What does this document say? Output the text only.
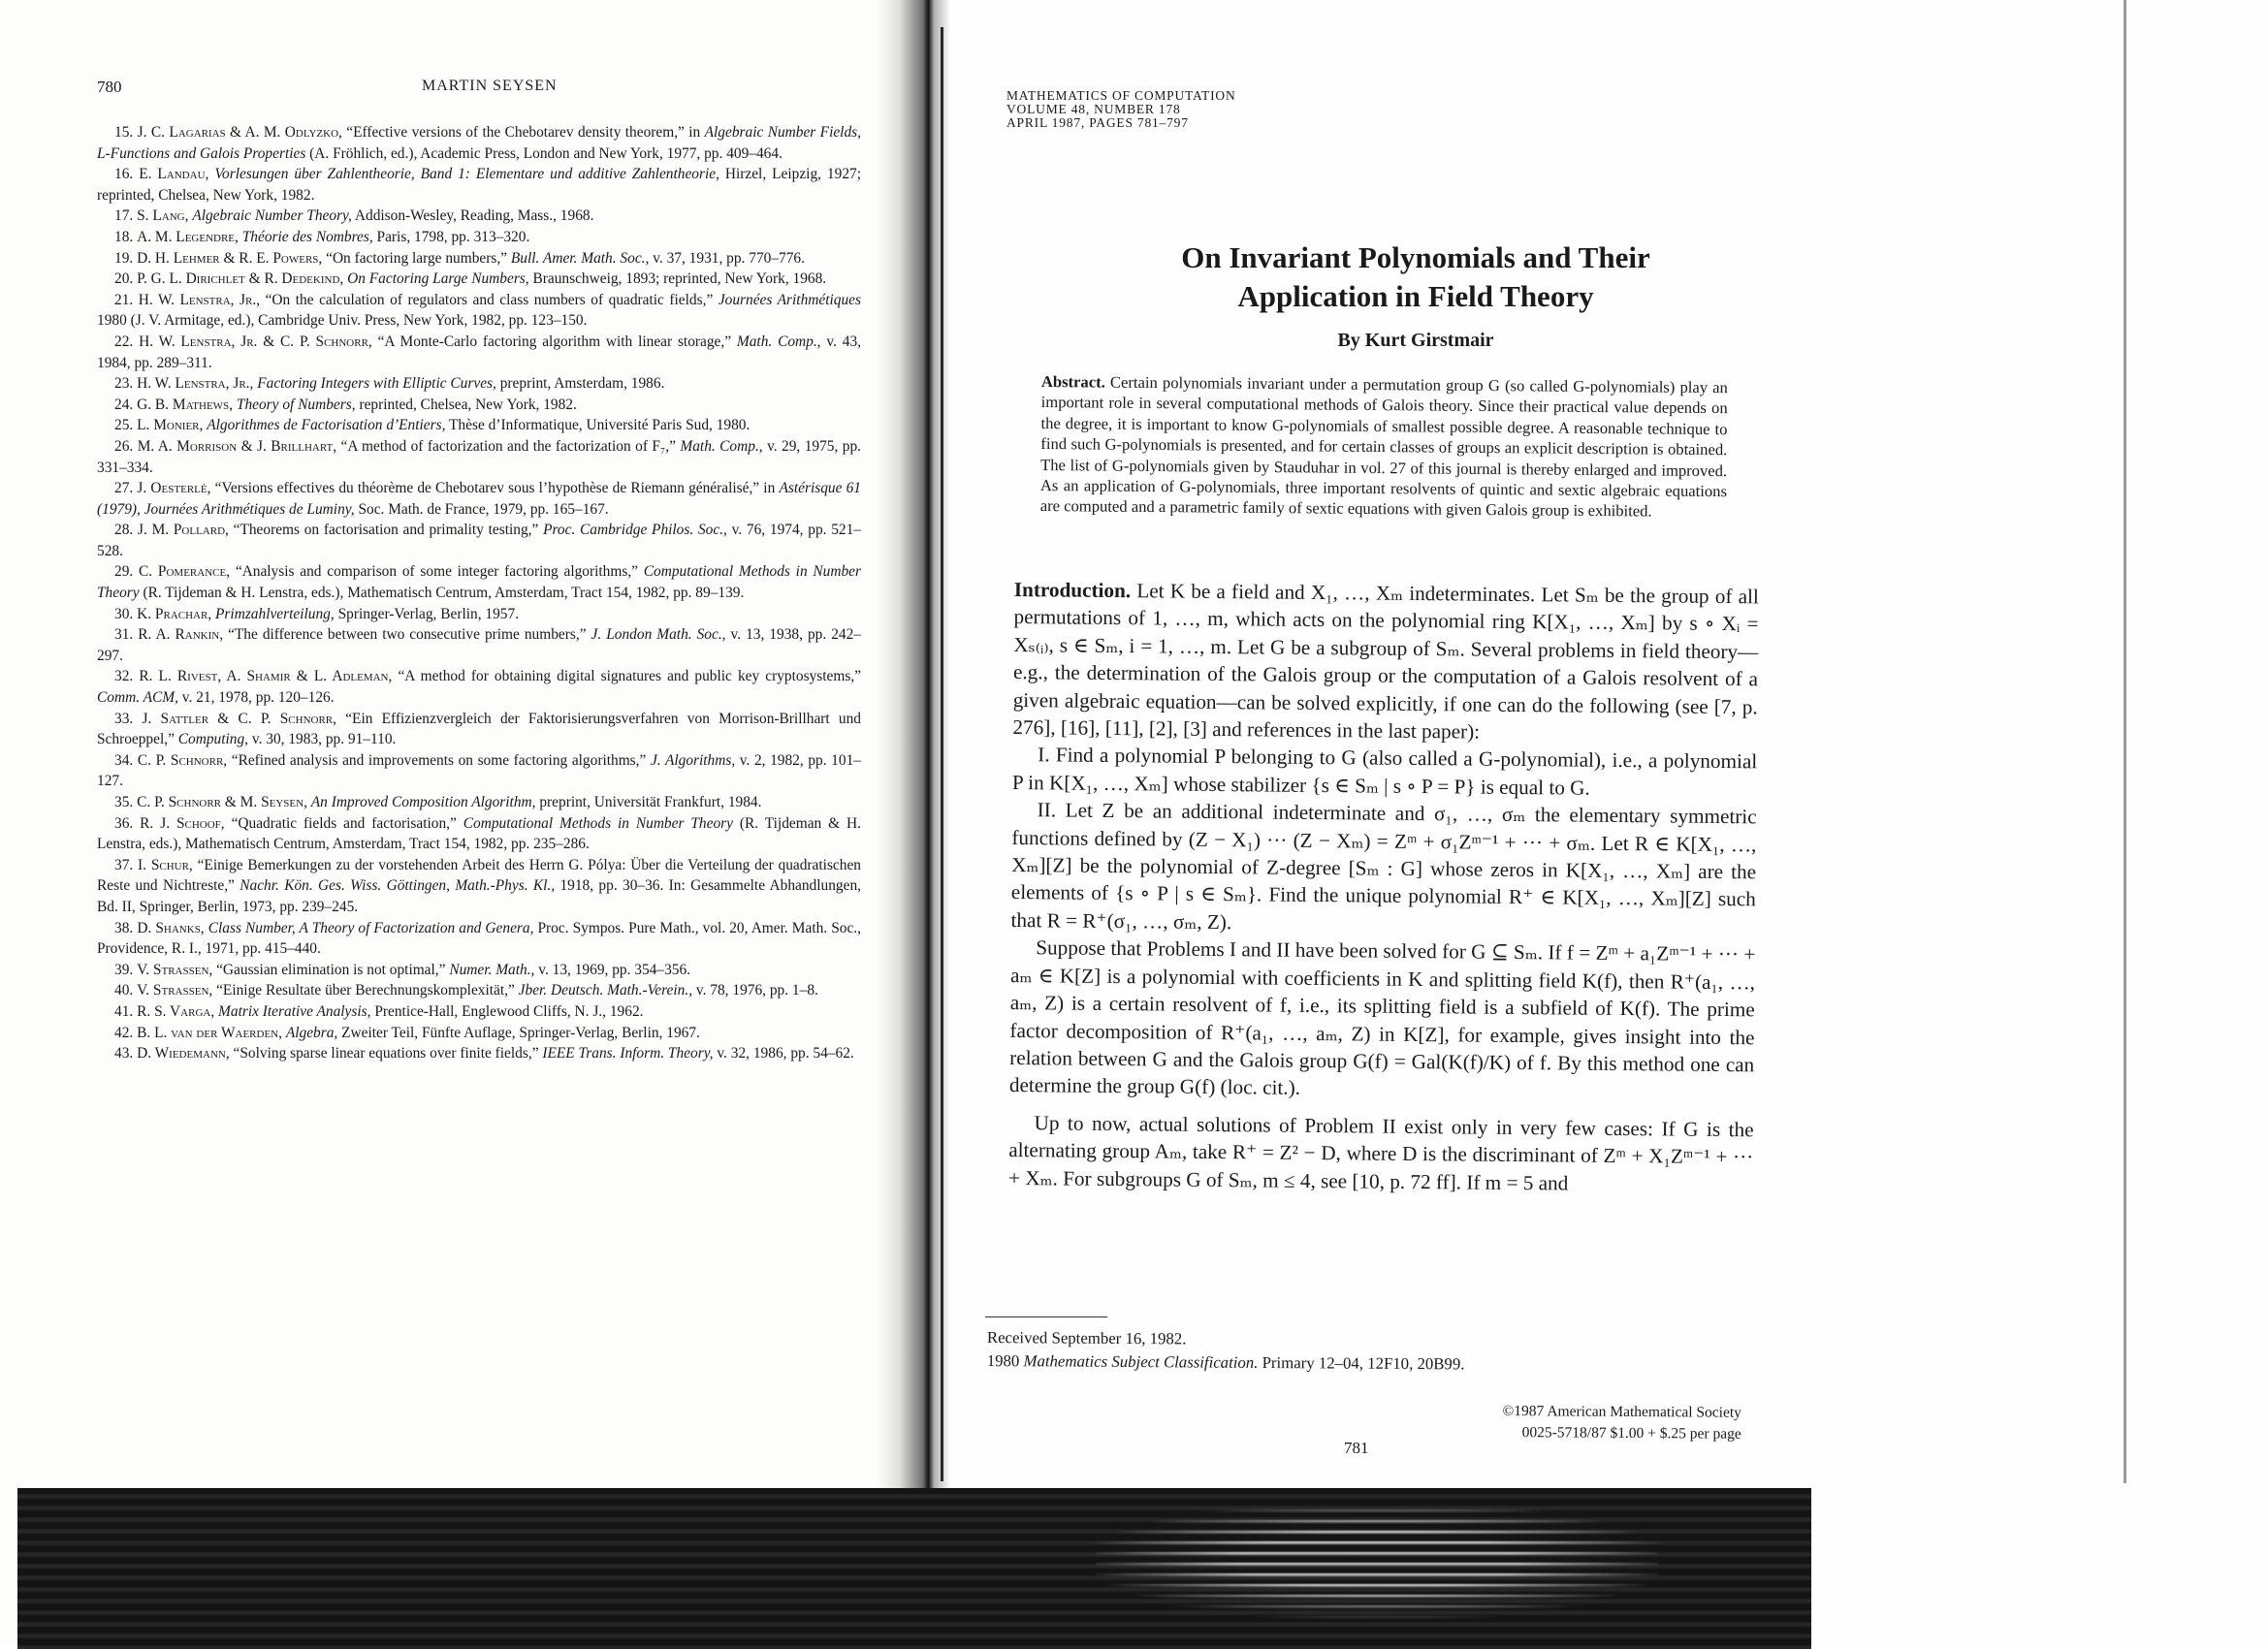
780	MARTIN SEYSEN

15. J. C. Lagarias & A. M. Odlyzko, “Effective versions of the Chebotarev density theorem,” in Algebraic Number Fields, L-Functions and Galois Properties (A. Fröhlich, ed.), Academic Press, London and New York, 1977, pp. 409–464.

16. E. Landau, Vorlesungen über Zahlentheorie, Band 1: Elementare und additive Zahlentheorie, Hirzel, Leipzig, 1927; reprinted, Chelsea, New York, 1982.

17. S. Lang, Algebraic Number Theory, Addison-Wesley, Reading, Mass., 1968.

18. A. M. Legendre, Théorie des Nombres, Paris, 1798, pp. 313–320.

19. D. H. Lehmer & R. E. Powers, “On factoring large numbers,” Bull. Amer. Math. Soc., v. 37, 1931, pp. 770–776.

20. P. G. L. Dirichlet & R. Dedekind, On Factoring Large Numbers, Braunschweig, 1893; reprinted, New York, 1968.

21. H. W. Lenstra, Jr., “On the calculation of regulators and class numbers of quadratic fields,” Journées Arithmétiques 1980 (J. V. Armitage, ed.), Cambridge Univ. Press, New York, 1982, pp. 123–150.

22. H. W. Lenstra, Jr. & C. P. Schnorr, “A Monte-Carlo factoring algorithm with linear storage,” Math. Comp., v. 43, 1984, pp. 289–311.

23. H. W. Lenstra, Jr., Factoring Integers with Elliptic Curves, preprint, Amsterdam, 1986.

24. G. B. Mathews, Theory of Numbers, reprinted, Chelsea, New York, 1982.

25. L. Monier, Algorithmes de Factorisation d’Entiers, Thèse d’Informatique, Université Paris Sud, 1980.

26. M. A. Morrison & J. Brillhart, “A method of factorization and the factorization of F₇,” Math. Comp., v. 29, 1975, pp. 331–334.

27. J. Oesterlé, “Versions effectives du théorème de Chebotarev sous l’hypothèse de Riemann généralisé,” in Astérisque 61 (1979), Journées Arithmétiques de Luminy, Soc. Math. de France, 1979, pp. 165–167.

28. J. M. Pollard, “Theorems on factorisation and primality testing,” Proc. Cambridge Philos. Soc., v. 76, 1974, pp. 521–528.

29. C. Pomerance, “Analysis and comparison of some integer factoring algorithms,” Computational Methods in Number Theory (R. Tijdeman & H. Lenstra, eds.), Mathematisch Centrum, Amsterdam, Tract 154, 1982, pp. 89–139.

30. K. Prachar, Primzahlverteilung, Springer-Verlag, Berlin, 1957.

31. R. A. Rankin, “The difference between two consecutive prime numbers,” J. London Math. Soc., v. 13, 1938, pp. 242–297.

32. R. L. Rivest, A. Shamir & L. Adleman, “A method for obtaining digital signatures and public key cryptosystems,” Comm. ACM, v. 21, 1978, pp. 120–126.

33. J. Sattler & C. P. Schnorr, “Ein Effizienzvergleich der Faktorisierungsverfahren von Morrison-Brillhart und Schroeppel,” Computing, v. 30, 1983, pp. 91–110.

34. C. P. Schnorr, “Refined analysis and improvements on some factoring algorithms,” J. Algorithms, v. 2, 1982, pp. 101–127.

35. C. P. Schnorr & M. Seysen, An Improved Composition Algorithm, preprint, Universität Frankfurt, 1984.

36. R. J. Schoof, “Quadratic fields and factorisation,” Computational Methods in Number Theory (R. Tijdeman & H. Lenstra, eds.), Mathematisch Centrum, Amsterdam, Tract 154, 1982, pp. 235–286.

37. I. Schur, “Einige Bemerkungen zu der vorstehenden Arbeit des Herrn G. Pólya: Über die Verteilung der quadratischen Reste und Nichtreste,” Nachr. Kön. Ges. Wiss. Göttingen, Math.-Phys. Kl., 1918, pp. 30–36. In: Gesammelte Abhandlungen, Bd. II, Springer, Berlin, 1973, pp. 239–245.

38. D. Shanks, Class Number, A Theory of Factorization and Genera, Proc. Sympos. Pure Math., vol. 20, Amer. Math. Soc., Providence, R. I., 1971, pp. 415–440.

39. V. Strassen, “Gaussian elimination is not optimal,” Numer. Math., v. 13, 1969, pp. 354–356.

40. V. Strassen, “Einige Resultate über Berechnungskomplexität,” Jber. Deutsch. Math.-Verein., v. 78, 1976, pp. 1–8.

41. R. S. Varga, Matrix Iterative Analysis, Prentice-Hall, Englewood Cliffs, N. J., 1962.

42. B. L. van der Waerden, Algebra, Zweiter Teil, Fünfte Auflage, Springer-Verlag, Berlin, 1967.

43. D. Wiedemann, “Solving sparse linear equations over finite fields,” IEEE Trans. Inform. Theory, v. 32, 1986, pp. 54–62.

MATHEMATICS OF COMPUTATION
VOLUME 48, NUMBER 178
APRIL 1987, PAGES 781–797
On Invariant Polynomials and Their
Application in Field Theory
By Kurt Girstmair
Abstract. Certain polynomials invariant under a permutation group G (so called G-polynomials) play an important role in several computational methods of Galois theory. Since their practical value depends on the degree, it is important to know G-polynomials of smallest possible degree. A reasonable technique to find such G-polynomials is presented, and for certain classes of groups an explicit description is obtained. The list of G-polynomials given by Stauduhar in vol. 27 of this journal is thereby enlarged and improved. As an application of G-polynomials, three important resolvents of quintic and sextic algebraic equations are computed and a parametric family of sextic equations with given Galois group is exhibited.

Introduction. Let K be a field and X₁, …, Xₘ indeterminates. Let Sₘ be the group of all permutations of 1, …, m, which acts on the polynomial ring K[X₁, …, Xₘ] by s ∘ Xᵢ = Xₛ₍ᵢ₎, s ∈ Sₘ, i = 1, …, m. Let G be a subgroup of Sₘ. Several problems in field theory—e.g., the determination of the Galois group or the computation of a Galois resolvent of a given algebraic equation—can be solved explicitly, if one can do the following (see [7, p. 276], [16], [11], [2], [3] and references in the last paper):

I. Find a polynomial P belonging to G (also called a G-polynomial), i.e., a polynomial P in K[X₁, …, Xₘ] whose stabilizer {s ∈ Sₘ | s ∘ P = P} is equal to G.

II. Let Z be an additional indeterminate and σ₁, …, σₘ the elementary symmetric functions defined by (Z − X₁) ··· (Z − Xₘ) = Zᵐ + σ₁Zᵐ⁻¹ + ··· + σₘ. Let R ∈ K[X₁, …, Xₘ][Z] be the polynomial of Z-degree [Sₘ : G] whose zeros in K[X₁, …, Xₘ] are the elements of {s ∘ P | s ∈ Sₘ}. Find the unique polynomial R⁺ ∈ K[X₁, …, Xₘ][Z] such that R = R⁺(σ₁, …, σₘ, Z).

Suppose that Problems I and II have been solved for G ⊆ Sₘ. If f = Zᵐ + a₁Zᵐ⁻¹ + ··· + aₘ ∈ K[Z] is a polynomial with coefficients in K and splitting field K(f), then R⁺(a₁, …, aₘ, Z) is a certain resolvent of f, i.e., its splitting field is a subfield of K(f). The prime factor decomposition of R⁺(a₁, …, aₘ, Z) in K[Z], for example, gives insight into the relation between G and the Galois group G(f) = Gal(K(f)/K) of f. By this method one can determine the group G(f) (loc. cit.).

Up to now, actual solutions of Problem II exist only in very few cases: If G is the alternating group Aₘ, take R⁺ = Z² − D, where D is the discriminant of Zᵐ + X₁Zᵐ⁻¹ + ··· + Xₘ. For subgroups G of Sₘ, m ≤ 4, see [10, p. 72 ff]. If m = 5 and

Received September 16, 1982.

1980 Mathematics Subject Classification. Primary 12–04, 12F10, 20B99.

©1987 American Mathematical Society
0025-5718/87 $1.00 + $.25 per page
781
